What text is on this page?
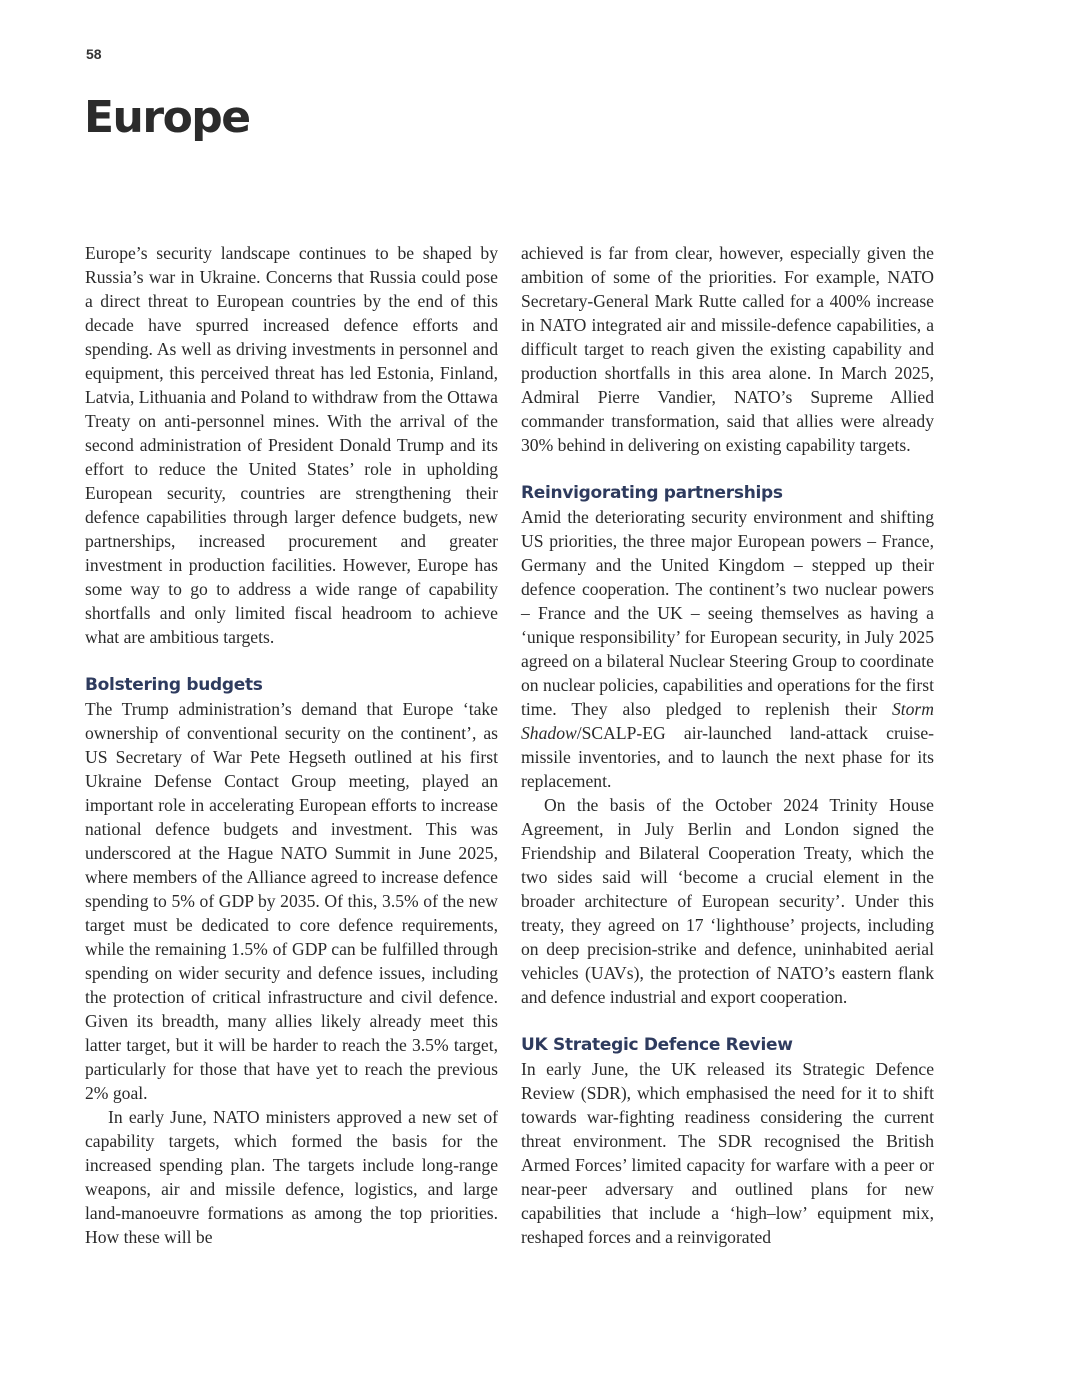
58
Europe

Europe’s security landscape continues to be shaped by Russia’s war in Ukraine. Concerns that Russia could pose a direct threat to European countries by the end of this decade have spurred increased defence efforts and spending. As well as driving investments in personnel and equipment, this perceived threat has led Estonia, Finland, Latvia, Lithuania and Poland to withdraw from the Ottawa Treaty on anti-personnel mines. With the arrival of the second administration of President Donald Trump and its effort to reduce the United States’ role in upholding European security, countries are strengthening their defence capabilities through larger defence budgets, new partnerships, increased procurement and greater investment in production facilities. However, Europe has some way to go to address a wide range of capability shortfalls and only limited fiscal headroom to achieve what are ambitious targets.

Bolstering budgets

The Trump administration’s demand that Europe ‘take ownership of conventional security on the continent’, as US Secretary of War Pete Hegseth outlined at his first Ukraine Defense Contact Group meeting, played an important role in accelerating European efforts to increase national defence budgets and investment. This was underscored at the Hague NATO Summit in June 2025, where members of the Alliance agreed to increase defence spending to 5% of GDP by 2035. Of this, 3.5% of the new target must be dedicated to core defence requirements, while the remaining 1.5% of GDP can be fulfilled through spending on wider security and defence issues, including the protection of critical infrastructure and civil defence. Given its breadth, many allies likely already meet this latter target, but it will be harder to reach the 3.5% target, particularly for those that have yet to reach the previous 2% goal.

In early June, NATO ministers approved a new set of capability targets, which formed the basis for the increased spending plan. The targets include long-range weapons, air and missile defence, logistics, and large land-manoeuvre formations as among the top priorities. How these will be

achieved is far from clear, however, especially given the ambition of some of the priorities. For example, NATO Secretary-General Mark Rutte called for a 400% increase in NATO integrated air and missile-defence capabilities, a difficult target to reach given the existing capability and production shortfalls in this area alone. In March 2025, Admiral Pierre Vandier, NATO’s Supreme Allied commander transformation, said that allies were already 30% behind in delivering on existing capability targets.

Reinvigorating partnerships

Amid the deteriorating security environment and shifting US priorities, the three major European powers – France, Germany and the United Kingdom – stepped up their defence cooperation. The continent’s two nuclear powers – France and the UK – seeing themselves as having a ‘unique responsibility’ for European security, in July 2025 agreed on a bilateral Nuclear Steering Group to coordinate on nuclear policies, capabilities and operations for the first time. They also pledged to replenish their Storm Shadow/SCALP-EG air-launched land-attack cruise-missile inventories, and to launch the next phase for its replacement.

On the basis of the October 2024 Trinity House Agreement, in July Berlin and London signed the Friendship and Bilateral Cooperation Treaty, which the two sides said will ‘become a crucial element in the broader architecture of European security’. Under this treaty, they agreed on 17 ‘lighthouse’ projects, including on deep precision-strike and defence, uninhabited aerial vehicles (UAVs), the protection of NATO’s eastern flank and defence industrial and export cooperation.

UK Strategic Defence Review

In early June, the UK released its Strategic Defence Review (SDR), which emphasised the need for it to shift towards war-fighting readiness considering the current threat environment. The SDR recognised the British Armed Forces’ limited capacity for warfare with a peer or near-peer adversary and outlined plans for new capabilities that include a ‘high–low’ equipment mix, reshaped forces and a reinvigorated
